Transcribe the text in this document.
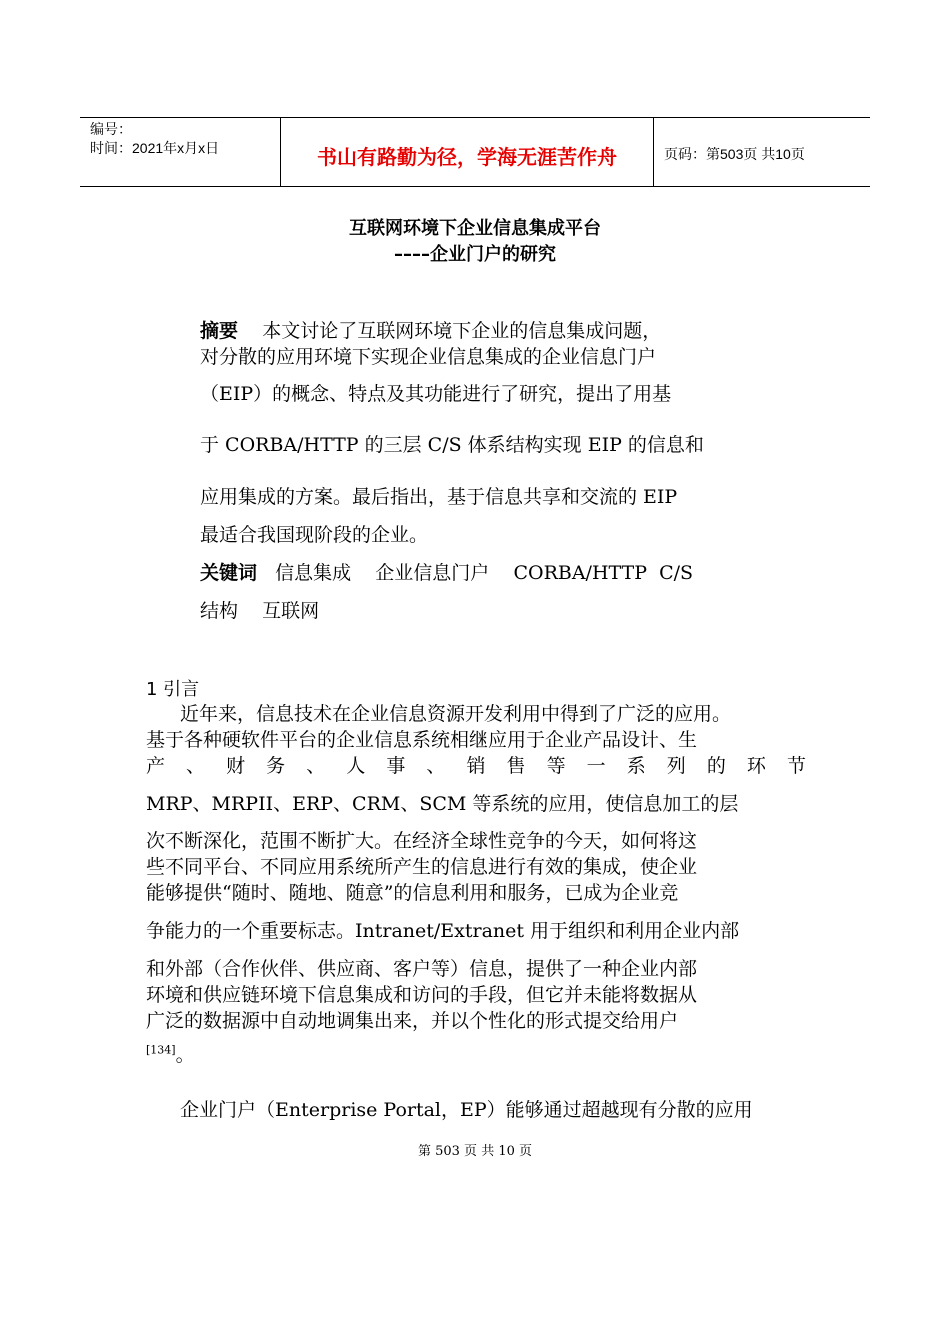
编号：
时间：2021年x月x日	书山有路勤为径，学海无涯苦作舟	页码：第503页 共10页
互联网环境下企业信息集成平台
––––企业门户的研究
摘要 本文讨论了互联网环境下企业的信息集成问题，
对分散的应用环境下实现企业信息集成的企业信息门户
（EIP）的概念、特点及其功能进行了研究，提出了用基
于 CORBA/HTTP 的三层 C/S 体系结构实现 EIP 的信息和
应用集成的方案。最后指出，基于信息共享和交流的 EIP
最适合我国现阶段的企业。
关键词 信息集成    企业信息门户    CORBA/HTTP  C/S
结构    互联网
1 引言
近年来，信息技术在企业信息资源开发利用中得到了广泛的应用。
基于各种硬软件平台的企业信息系统相继应用于企业产品设计、生
产 、 财 务 、 人 事 、 销 售 等 一 系 列 的 环 节
MRP、MRPII、ERP、CRM、SCM 等系统的应用，使信息加工的层
次不断深化，范围不断扩大。在经济全球性竞争的今天，如何将这
些不同平台、不同应用系统所产生的信息进行有效的集成，使企业
能够提供“随时、随地、随意”的信息利用和服务，已成为企业竞
争能力的一个重要标志。Intranet/Extranet 用于组织和利用企业内部
和外部（合作伙伴、供应商、客户等）信息，提供了一种企业内部
环境和供应链环境下信息集成和访问的手段，但它并未能将数据从
广泛的数据源中自动地调集出来，并以个性化的形式提交给用户
[134]。
企业门户（Enterprise Portal，EP）能够通过超越现有分散的应用
第 503 页 共 10 页
